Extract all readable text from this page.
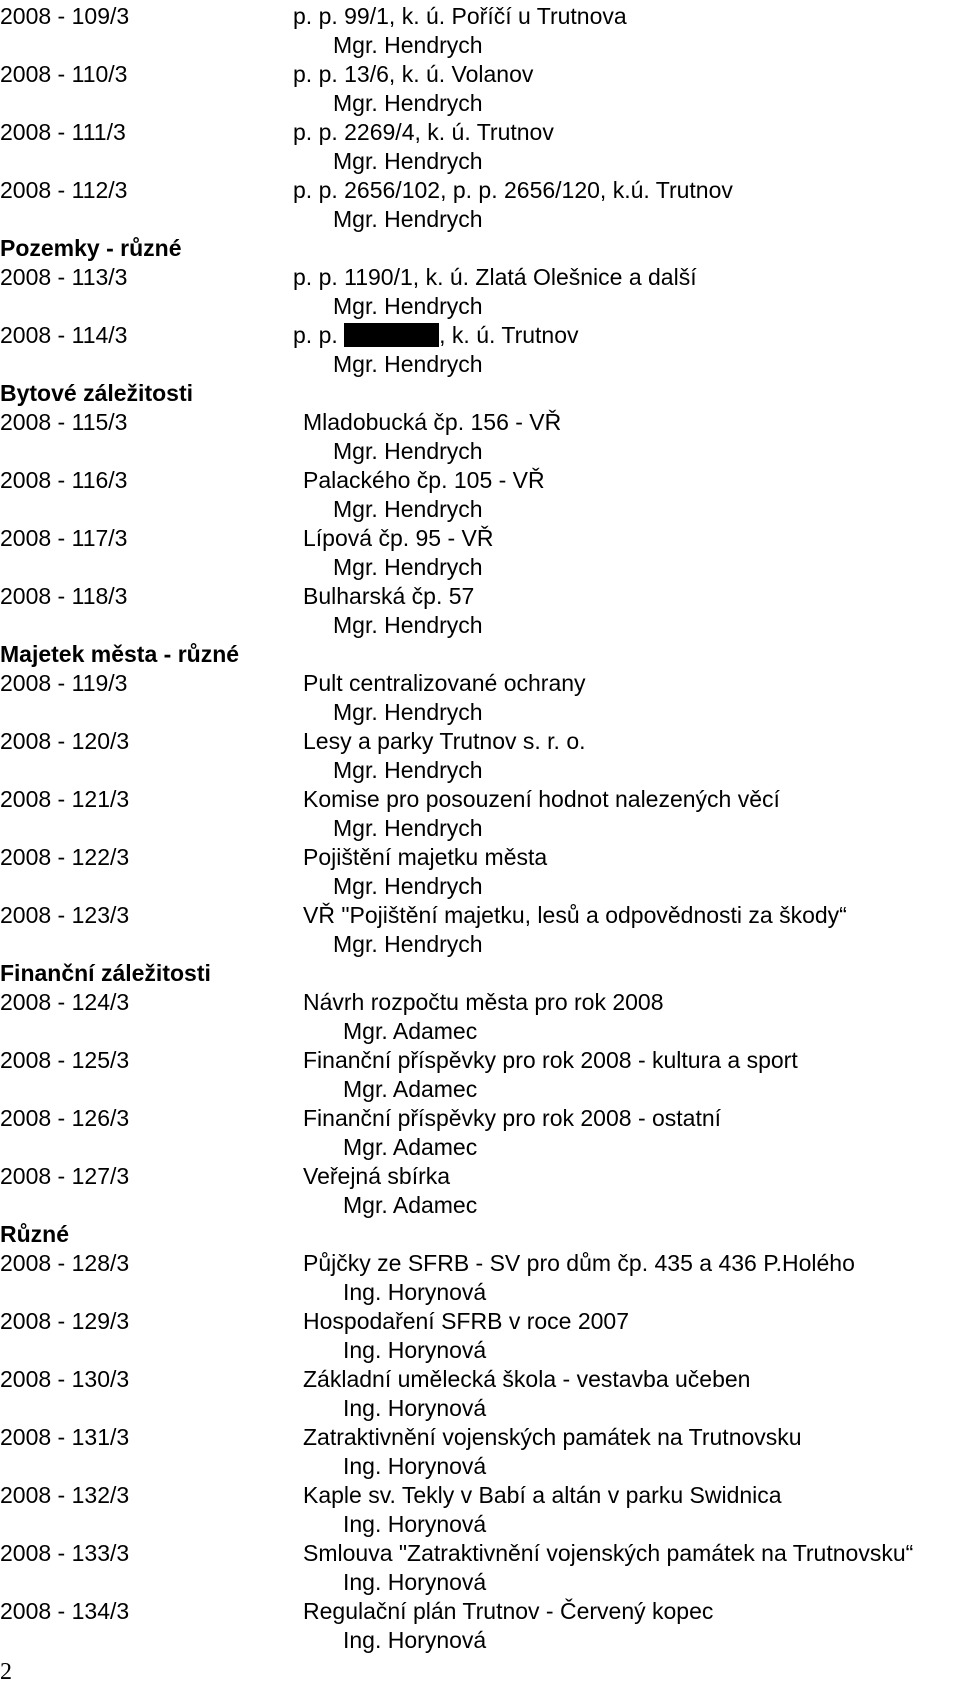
2008 - 109/3	p. p. 99/1, k. ú. Poříčí u Trutnova
Mgr. Hendrych
2008 - 110/3	p. p. 13/6, k. ú. Volanov
Mgr. Hendrych
2008 - 111/3	p. p. 2269/4, k. ú. Trutnov
Mgr. Hendrych
2008 - 112/3	p. p. 2656/102, p. p. 2656/120, k.ú. Trutnov
Mgr. Hendrych
Pozemky - různé
2008 - 113/3	p. p. 1190/1, k. ú. Zlatá Olešnice a další
Mgr. Hendrych
2008 - 114/3	p. p.	, k. ú. Trutnov
Mgr. Hendrych
Bytové záležitosti
2008 - 115/3	Mladobucká čp. 156 - VŘ
Mgr. Hendrych
2008 - 116/3	Palackého čp. 105 - VŘ
Mgr. Hendrych
2008 - 117/3	Lípová čp. 95 - VŘ
Mgr. Hendrych
2008 - 118/3	Bulharská čp. 57
Mgr. Hendrych
Majetek města - různé
2008 - 119/3	Pult centralizované ochrany
Mgr. Hendrych
2008 - 120/3	Lesy a parky Trutnov s. r. o.
Mgr. Hendrych
2008 - 121/3	Komise pro posouzení hodnot nalezených věcí
Mgr. Hendrych
2008 - 122/3	Pojištění majetku města
Mgr. Hendrych
2008 - 123/3	VŘ "Pojištění majetku, lesů a odpovědnosti za škody“
Mgr. Hendrych
Finanční záležitosti
2008 - 124/3	Návrh rozpočtu města pro rok 2008
Mgr. Adamec
2008 - 125/3	Finanční příspěvky pro rok 2008 - kultura a sport
Mgr. Adamec
2008 - 126/3	Finanční příspěvky pro rok 2008 - ostatní
Mgr. Adamec
2008 - 127/3	Veřejná sbírka
Mgr. Adamec
Různé
2008 - 128/3	Půjčky ze SFRB - SV pro dům čp. 435 a 436 P.Holého
Ing. Horynová
2008 - 129/3	Hospodaření SFRB v roce 2007
Ing. Horynová
2008 - 130/3	Základní umělecká škola - vestavba učeben
Ing. Horynová
2008 - 131/3	Zatraktivnění vojenských památek na Trutnovsku
Ing. Horynová
2008 - 132/3	Kaple sv. Tekly v Babí a altán v parku Swidnica
Ing. Horynová
2008 - 133/3	Smlouva "Zatraktivnění vojenských památek na Trutnovsku“
Ing. Horynová
2008 - 134/3	Regulační plán Trutnov - Červený kopec
Ing. Horynová
2
